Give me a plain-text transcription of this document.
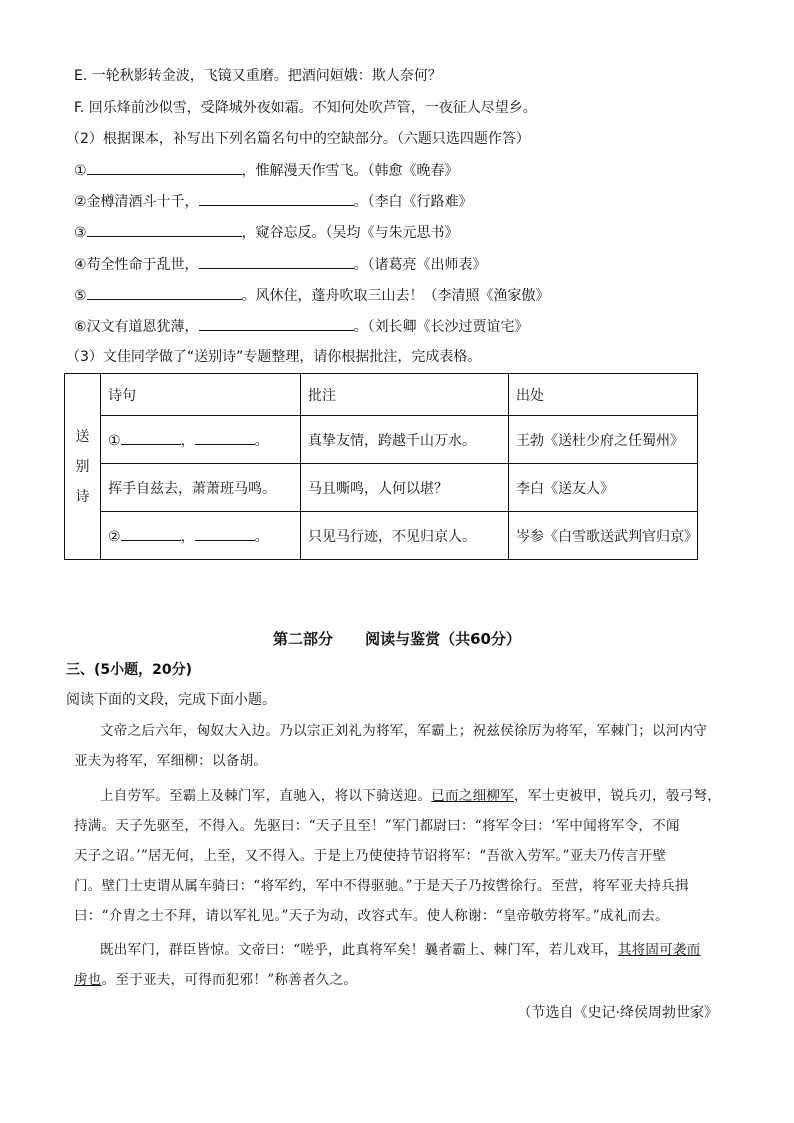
E. 一轮秋影转金波，飞镜又重磨。把酒问姮娥：欺人奈何？
F. 回乐烽前沙似雪，受降城外夜如霜。不知何处吹芦管，一夜征人尽望乡。
（2）根据课本，补写出下列名篇名句中的空缺部分。（六题只选四题作答）
①	，惟解漫天作雪飞。（韩愈《晚春》
②金樽清酒斗十千，	。（李白《行路难》
③	，窥谷忘反。（吴均《与朱元思书》
④苟全性命于乱世，	。（诸葛亮《出师表》
⑤	。风休住，蓬舟吹取三山去！（李清照《渔家傲》
⑥汉文有道恩犹薄，	。（刘长卿《长沙过贾谊宅》
（3）文佳同学做了“送别诗”专题整理，请你根据批注，完成表格。
送
别
诗	诗句	批注	出处
	① ， 。	真挚友情，跨越千山万水。	王勃《送杜少府之任蜀州》
	挥手自兹去，萧萧班马鸣。	马且嘶鸣，人何以堪？	李白《送友人》
	② ， 。	只见马行迹，不见归京人。	岑参《白雪歌送武判官归京》
第二部分 阅读与鉴赏（共60分）
三、(5小题，20分)
阅读下面的文段，完成下面小题。
文帝之后六年，匈奴大入边。乃以宗正刘礼为将军，军霸上；祝兹侯徐厉为将军，军棘门；以河内守
亚夫为将军，军细柳：以备胡。
上自劳军。至霸上及棘门军，直驰入，将以下骑送迎。已而之细柳军，军士吏被甲，锐兵刃，彀弓弩，
持满。天子先驱至，不得入。先驱曰：“天子且至！”军门都尉曰：“将军令曰：‘军中闻将军令，不闻
天子之诏。’”居无何，上至，又不得入。于是上乃使使持节诏将军：“吾欲入劳军。”亚夫乃传言开壁
门。壁门士吏谓从属车骑曰：“将军约，军中不得驱驰。”于是天子乃按辔徐行。至营，将军亚夫持兵揖
曰：“介胄之士不拜，请以军礼见。”天子为动，改容式车。使人称谢：“皇帝敬劳将军。”成礼而去。
既出军门，群臣皆惊。文帝曰：“嗟乎，此真将军矣！曩者霸上、棘门军，若儿戏耳，其将固可袭而
虏也。至于亚夫，可得而犯邪！”称善者久之。
（节选自《史记·绛侯周勃世家》
